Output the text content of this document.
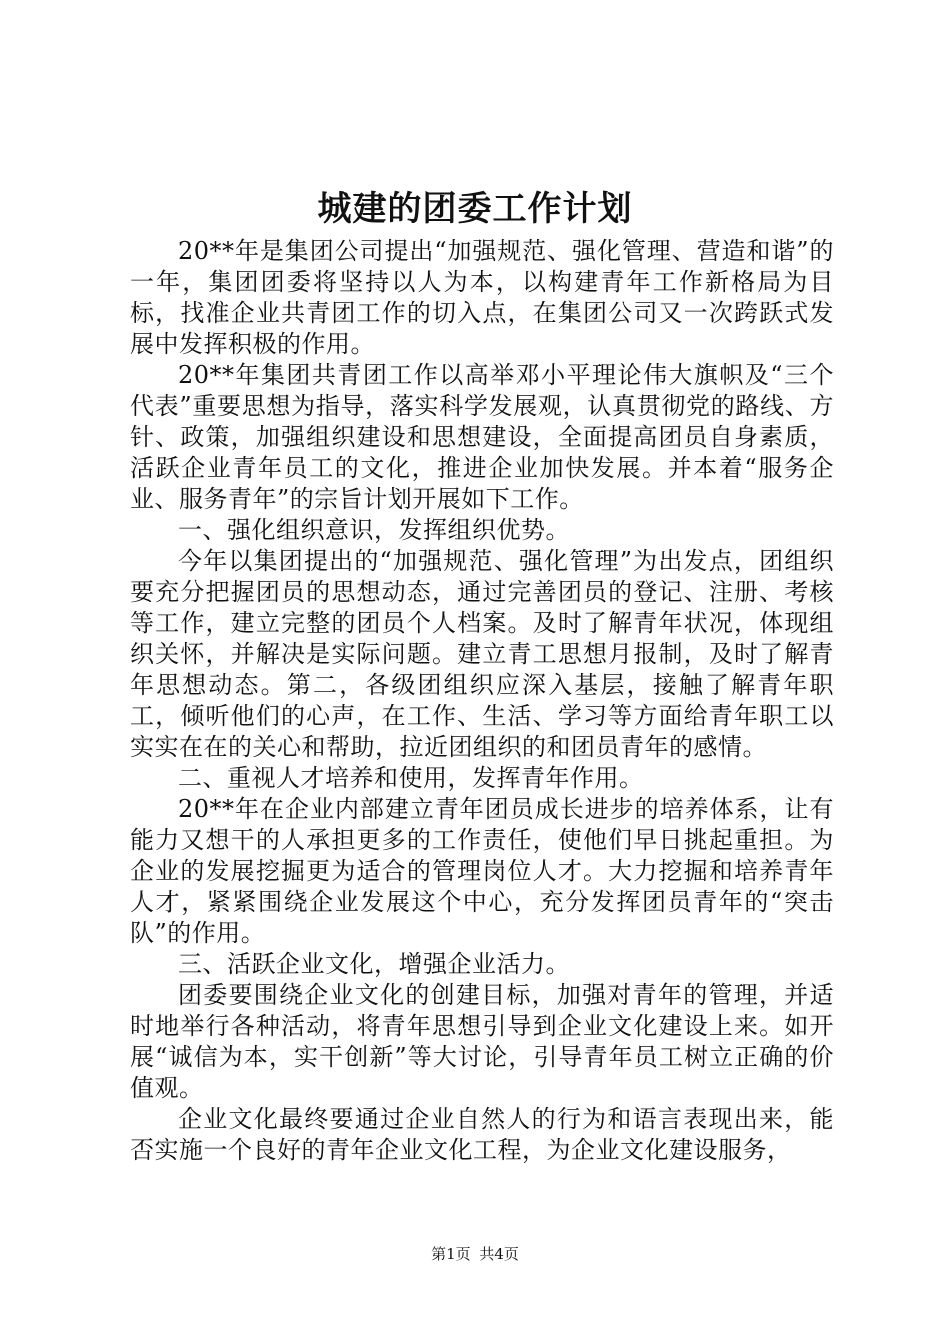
城建的团委工作计划

20**年是集团公司提出“加强规范、强化管理、营造和谐”的一年，集团团委将坚持以人为本，以构建青年工作新格局为目标，找准企业共青团工作的切入点，在集团公司又一次跨跃式发展中发挥积极的作用。

20**年集团共青团工作以高举邓小平理论伟大旗帜及“三个代表”重要思想为指导，落实科学发展观，认真贯彻党的路线、方针、政策，加强组织建设和思想建设，全面提高团员自身素质，活跃企业青年员工的文化，推进企业加快发展。并本着“服务企业、服务青年”的宗旨计划开展如下工作。

一、强化组织意识，发挥组织优势。

今年以集团提出的“加强规范、强化管理”为出发点，团组织要充分把握团员的思想动态，通过完善团员的登记、注册、考核等工作，建立完整的团员个人档案。及时了解青年状况，体现组织关怀，并解决是实际问题。建立青工思想月报制，及时了解青年思想动态。第二，各级团组织应深入基层，接触了解青年职工，倾听他们的心声，在工作、生活、学习等方面给青年职工以实实在在的关心和帮助，拉近团组织的和团员青年的感情。

二、重视人才培养和使用，发挥青年作用。

20**年在企业内部建立青年团员成长进步的培养体系，让有能力又想干的人承担更多的工作责任，使他们早日挑起重担。为企业的发展挖掘更为适合的管理岗位人才。大力挖掘和培养青年人才，紧紧围绕企业发展这个中心，充分发挥团员青年的“突击队”的作用。

三、活跃企业文化，增强企业活力。

团委要围绕企业文化的创建目标，加强对青年的管理，并适时地举行各种活动，将青年思想引导到企业文化建设上来。如开展“诚信为本，实干创新”等大讨论，引导青年员工树立正确的价值观。

企业文化最终要通过企业自然人的行为和语言表现出来，能否实施一个良好的青年企业文化工程，为企业文化建设服务，

第1页 共4页
